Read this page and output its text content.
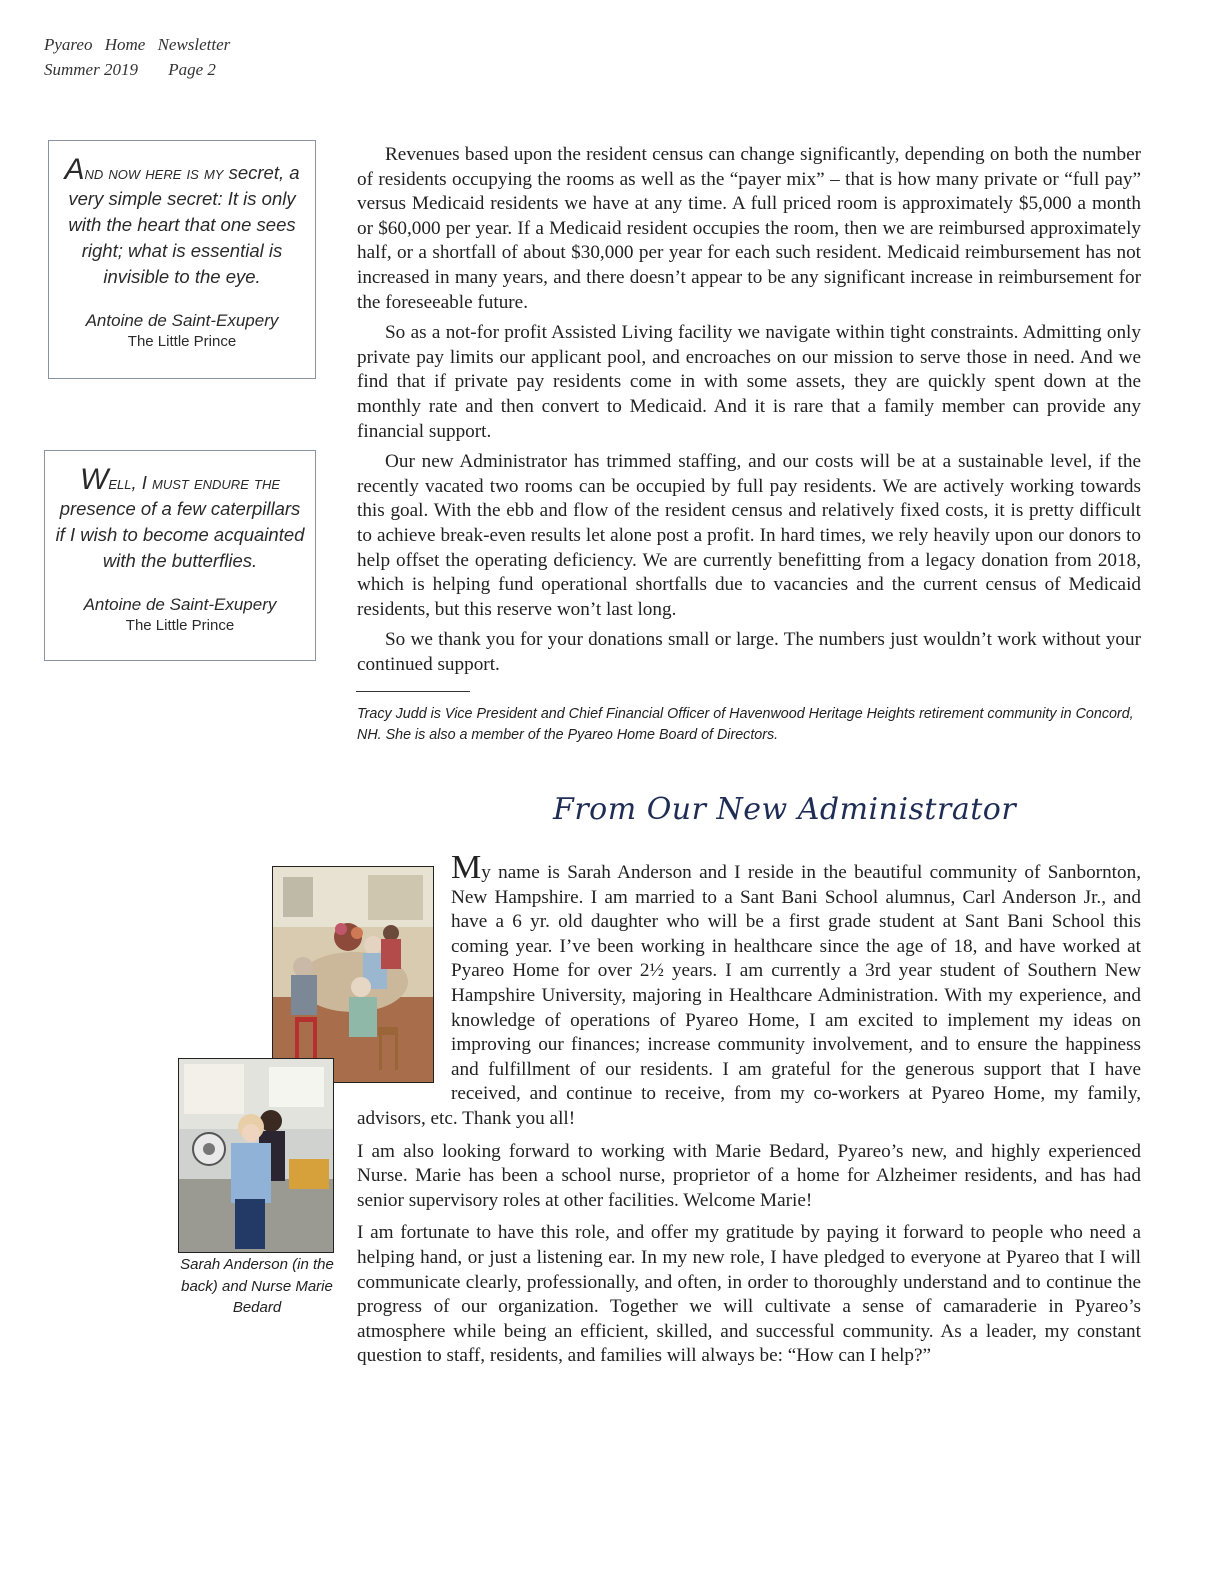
Pyareo Home Newsletter
Summer 2019 Page 2
And now here is my secret, a very simple secret: It is only with the heart that one sees right; what is essential is invisible to the eye.
Antoine de Saint-Exupery
The Little Prince
Well, I must endure the presence of a few caterpillars if I wish to become acquainted with the butterflies.
Antoine de Saint-Exupery
The Little Prince

Revenues based upon the resident census can change significantly, depending on both the number of residents occupying the rooms as well as the “payer mix” – that is how many private or “full pay” versus Medicaid residents we have at any time. A full priced room is approximately $5,000 a month or $60,000 per year. If a Medicaid resident occupies the room, then we are reimbursed approximately half, or a shortfall of about $30,000 per year for each such resident. Medicaid reimbursement has not increased in many years, and there doesn’t appear to be any significant increase in reimbursement for the foreseeable future.

So as a not-for profit Assisted Living facility we navigate within tight constraints. Admitting only private pay limits our applicant pool, and encroaches on our mission to serve those in need. And we find that if private pay residents come in with some assets, they are quickly spent down at the monthly rate and then convert to Medicaid. And it is rare that a family member can provide any financial support.

Our new Administrator has trimmed staffing, and our costs will be at a sustainable level, if the recently vacated two rooms can be occupied by full pay residents. We are actively working towards this goal. With the ebb and flow of the resident census and relatively fixed costs, it is pretty difficult to achieve break-even results let alone post a profit. In hard times, we rely heavily upon our donors to help offset the operating deficiency. We are currently benefitting from a legacy donation from 2018, which is helping fund operational shortfalls due to vacancies and the current census of Medicaid residents, but this reserve won’t last long.

So we thank you for your donations small or large. The numbers just wouldn’t work without your continued support.

Tracy Judd is Vice President and Chief Financial Officer of Havenwood Heritage Heights retirement community in Concord, NH. She is also a member of the Pyareo Home Board of Directors.
From Our New Administrator
Sarah Anderson (in the back) and Nurse Marie Bedard

My name is Sarah Anderson and I reside in the beautiful community of Sanbornton, New Hampshire. I am married to a Sant Bani School alumnus, Carl Anderson Jr., and have a 6 yr. old daughter who will be a first grade student at Sant Bani School this coming year. I’ve been working in healthcare since the age of 18, and have worked at Pyareo Home for over 2½ years. I am currently a 3rd year student of Southern New Hampshire University, majoring in Healthcare Administration. With my experience, and knowledge of operations of Pyareo Home, I am excited to implement my ideas on improving our finances; increase community involvement, and to ensure the happiness and fulfillment of our residents. I am grateful for the generous support that I have received, and continue to receive, from my co-workers at Pyareo Home, my family, advisors, etc. Thank you all!

I am also looking forward to working with Marie Bedard, Pyareo’s new, and highly experienced Nurse. Marie has been a school nurse, proprietor of a home for Alzheimer residents, and has had senior supervisory roles at other facilities. Welcome Marie!

I am fortunate to have this role, and offer my gratitude by paying it forward to people who need a helping hand, or just a listening ear. In my new role, I have pledged to everyone at Pyareo that I will communicate clearly, professionally, and often, in order to thoroughly understand and to continue the progress of our organization. Together we will cultivate a sense of camaraderie in Pyareo’s atmosphere while being an efficient, skilled, and successful community. As a leader, my constant question to staff, residents, and families will always be: “How can I help?”
